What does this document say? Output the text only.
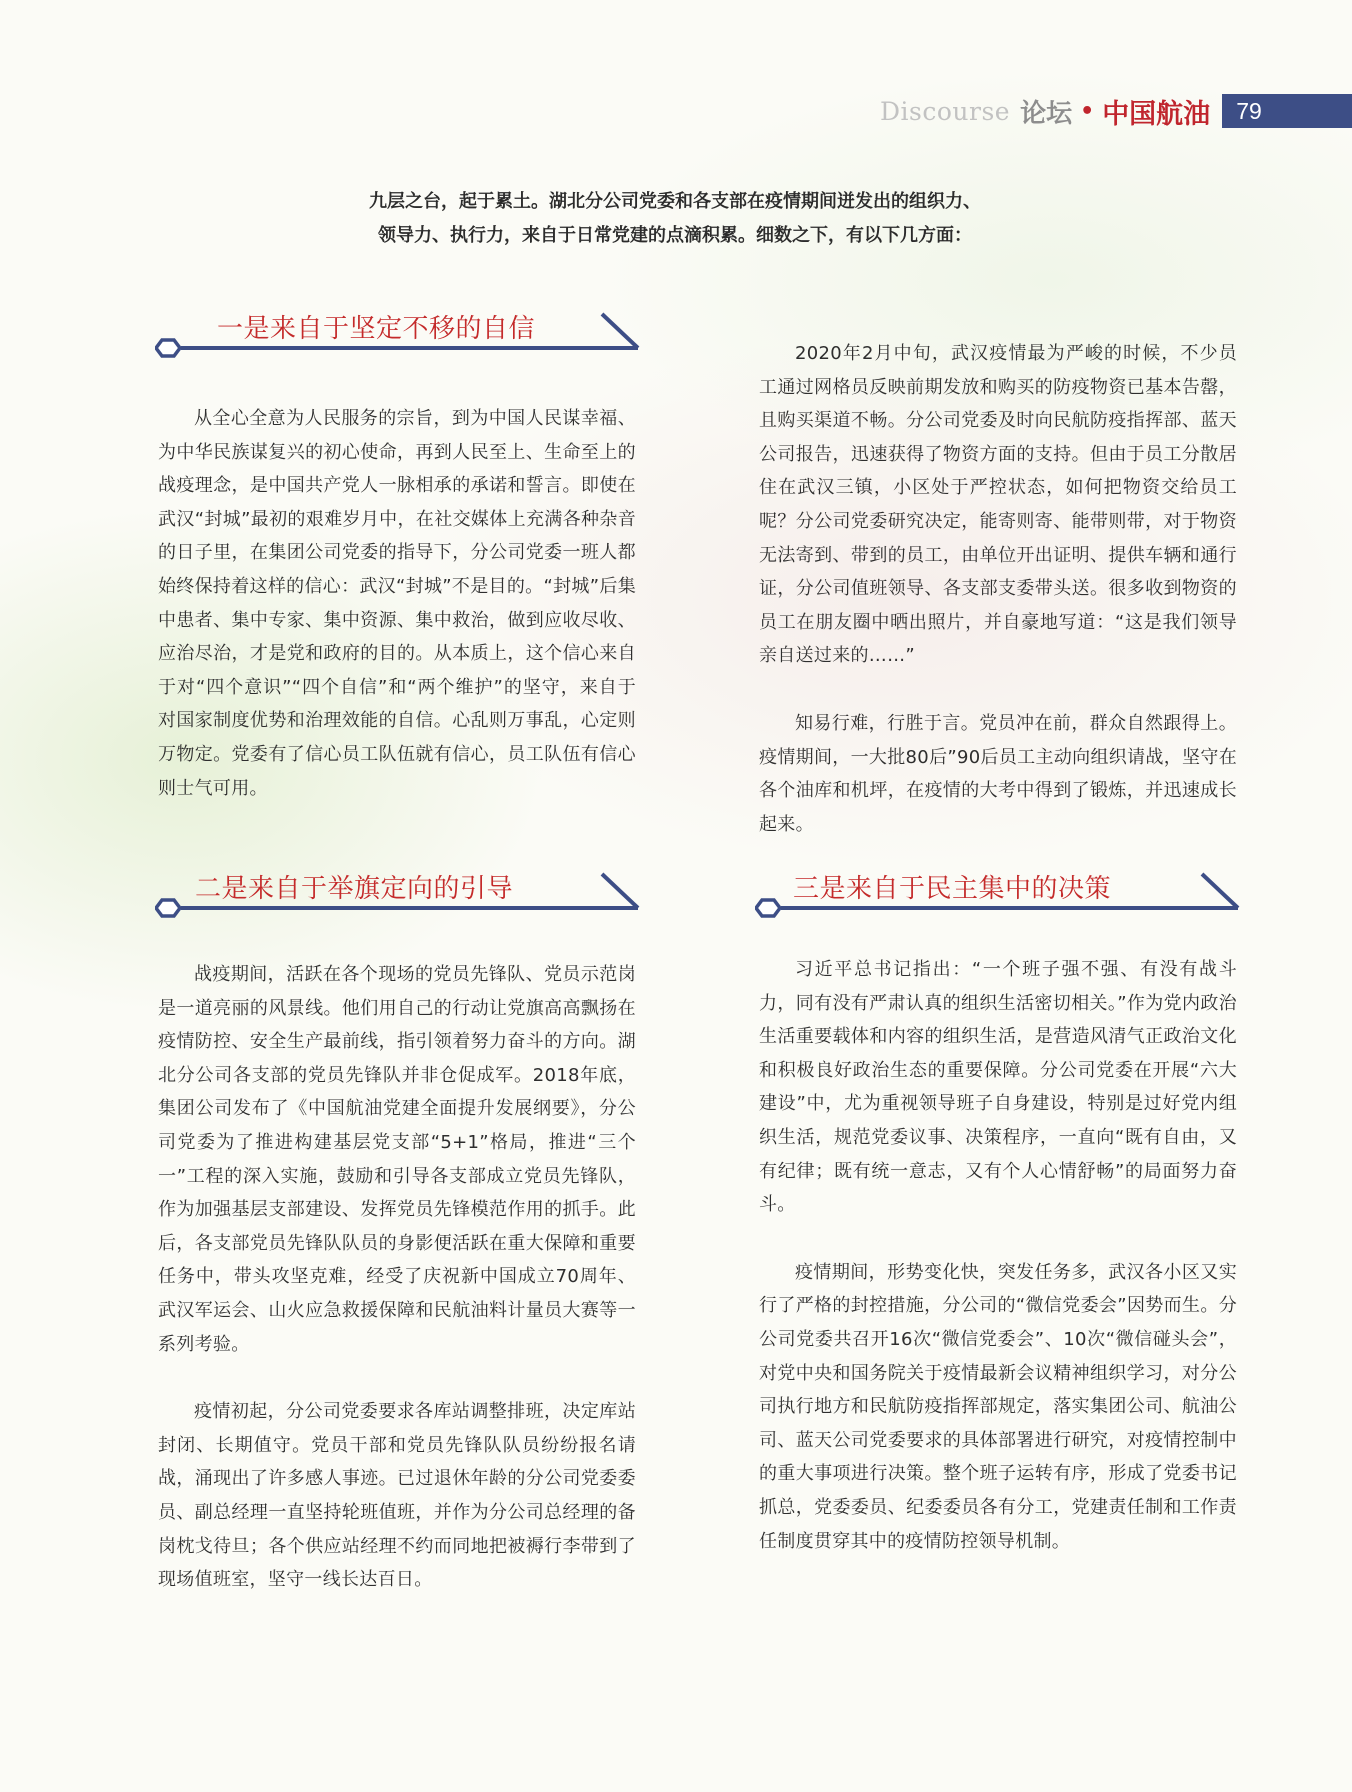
Discourse 论坛 • 中国航油	79

九层之台，起于累土。湖北分公司党委和各支部在疫情期间迸发出的组织力、

领导力、执行力，来自于日常党建的点滴积累。细数之下，有以下几方面：

一是来自于坚定不移的自信

从全心全意为人民服务的宗旨，到为中国人民谋幸福、为中华民族谋复兴的初心使命，再到人民至上、生命至上的战疫理念，是中国共产党人一脉相承的承诺和誓言。即使在武汉“封城”最初的艰难岁月中，在社交媒体上充满各种杂音的日子里，在集团公司党委的指导下，分公司党委一班人都始终保持着这样的信心：武汉“封城”不是目的。“封城”后集中患者、集中专家、集中资源、集中救治，做到应收尽收、应治尽治，才是党和政府的目的。从本质上，这个信心来自于对“四个意识”“四个自信”和“两个维护”的坚守，来自于对国家制度优势和治理效能的自信。心乱则万事乱，心定则万物定。党委有了信心员工队伍就有信心，员工队伍有信心则士气可用。

二是来自于举旗定向的引导

战疫期间，活跃在各个现场的党员先锋队、党员示范岗是一道亮丽的风景线。他们用自己的行动让党旗高高飘扬在疫情防控、安全生产最前线，指引领着努力奋斗的方向。湖北分公司各支部的党员先锋队并非仓促成军。2018年底，集团公司发布了《中国航油党建全面提升发展纲要》，分公司党委为了推进构建基层党支部“5+1”格局，推进“三个一”工程的深入实施，鼓励和引导各支部成立党员先锋队，作为加强基层支部建设、发挥党员先锋模范作用的抓手。此后，各支部党员先锋队队员的身影便活跃在重大保障和重要任务中，带头攻坚克难，经受了庆祝新中国成立70周年、武汉军运会、山火应急救援保障和民航油料计量员大赛等一系列考验。

疫情初起，分公司党委要求各库站调整排班，决定库站封闭、长期值守。党员干部和党员先锋队队员纷纷报名请战，涌现出了许多感人事迹。已过退休年龄的分公司党委委员、副总经理一直坚持轮班值班，并作为分公司总经理的备岗枕戈待旦；各个供应站经理不约而同地把被褥行李带到了现场值班室，坚守一线长达百日。

2020年2月中旬，武汉疫情最为严峻的时候，不少员工通过网格员反映前期发放和购买的防疫物资已基本告罄，且购买渠道不畅。分公司党委及时向民航防疫指挥部、蓝天公司报告，迅速获得了物资方面的支持。但由于员工分散居住在武汉三镇，小区处于严控状态，如何把物资交给员工呢？分公司党委研究决定，能寄则寄、能带则带，对于物资无法寄到、带到的员工，由单位开出证明、提供车辆和通行证，分公司值班领导、各支部支委带头送。很多收到物资的员工在朋友圈中晒出照片，并自豪地写道：“这是我们领导亲自送过来的……”

知易行难，行胜于言。党员冲在前，群众自然跟得上。疫情期间，一大批80后”90后员工主动向组织请战，坚守在各个油库和机坪，在疫情的大考中得到了锻炼，并迅速成长起来。

三是来自于民主集中的决策

习近平总书记指出：“一个班子强不强、有没有战斗力，同有没有严肃认真的组织生活密切相关。”作为党内政治生活重要载体和内容的组织生活，是营造风清气正政治文化和积极良好政治生态的重要保障。分公司党委在开展“六大建设”中，尤为重视领导班子自身建设，特别是过好党内组织生活，规范党委议事、决策程序，一直向“既有自由，又有纪律；既有统一意志，又有个人心情舒畅”的局面努力奋斗。

疫情期间，形势变化快，突发任务多，武汉各小区又实行了严格的封控措施，分公司的“微信党委会”因势而生。分公司党委共召开16次“微信党委会”、10次“微信碰头会”，对党中央和国务院关于疫情最新会议精神组织学习，对分公司执行地方和民航防疫指挥部规定，落实集团公司、航油公司、蓝天公司党委要求的具体部署进行研究，对疫情控制中的重大事项进行决策。整个班子运转有序，形成了党委书记抓总，党委委员、纪委委员各有分工，党建责任制和工作责任制度贯穿其中的疫情防控领导机制。
